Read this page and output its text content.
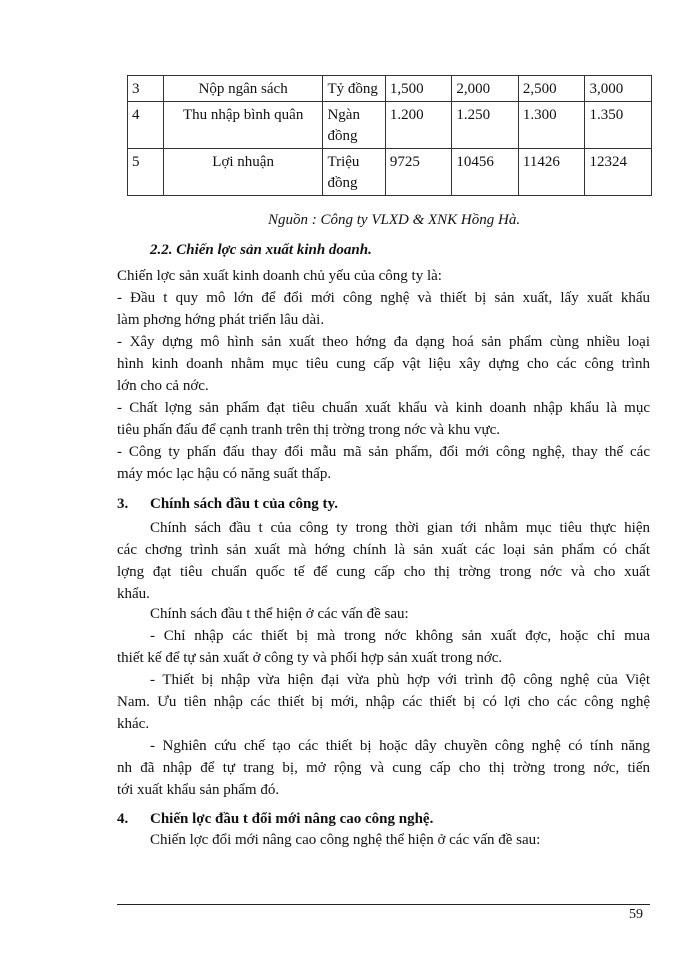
3	Nộp ngân sách	Tỷ đồng	1,500	2,000	2,500	3,000
4	Thu nhập bình quân	Ngàn đồng	1.200	1.250	1.300	1.350
5	Lợi nhuận	Triệu đồng	9725	10456	11426	12324
Nguồn : Công ty VLXD & XNK Hồng Hà.
2.2. Chiến lợc sản xuất kinh doanh.
Chiến lợc sản xuất kinh doanh chủ yếu của công ty là:
- Đầu t quy mô lớn để đổi mới công nghệ và thiết bị sản xuất, lấy xuất khẩu
làm phơng hớng phát triển lâu dài.
- Xây dựng mô hình sản xuất theo hớng đa dạng hoá sản phẩm cùng nhiều loại
hình kinh doanh nhằm mục tiêu cung cấp vật liệu xây dựng cho các công trình
lớn cho cả nớc.
- Chất lợng sản phẩm đạt tiêu chuẩn xuất khẩu và kinh doanh nhập khẩu là mục
tiêu phấn đấu để cạnh tranh trên thị trờng trong nớc và khu vực.
- Công ty phấn đấu thay đổi mẫu mã sản phẩm, đổi mới công nghệ, thay thế các
máy móc lạc hậu có năng suất thấp.
3. Chính sách đầu t của công ty.
Chính sách đầu t của công ty trong thời gian tới nhằm mục tiêu thực hiện
các chơng trình sản xuất mà hớng chính là sản xuất các loại sản phẩm có chất
lợng đạt tiêu chuẩn quốc tế để cung cấp cho thị trờng trong nớc và cho xuất
khẩu.
Chính sách đầu t thể hiện ở các vấn đề sau:
- Chỉ nhập các thiết bị mà trong nớc không sản xuất đợc, hoặc chỉ mua
thiết kế để tự sản xuất ở công ty và phối hợp sản xuất trong nớc.
- Thiết bị nhập vừa hiện đại vừa phù hợp với trình độ công nghệ của Việt
Nam. Ưu tiên nhập các thiết bị mới, nhập các thiết bị có lợi cho các công nghệ
khác.
- Nghiên cứu chế tạo các thiết bị hoặc dây chuyền công nghệ có tính năng
nh đã nhập để tự trang bị, mở rộng và cung cấp cho thị trờng trong nớc, tiến
tới xuất khẩu sản phẩm đó.
4. Chiến lợc đầu t đổi mới nâng cao công nghệ.
Chiến lợc đổi mới nâng cao công nghệ thể hiện ở các vấn đề sau:
59
